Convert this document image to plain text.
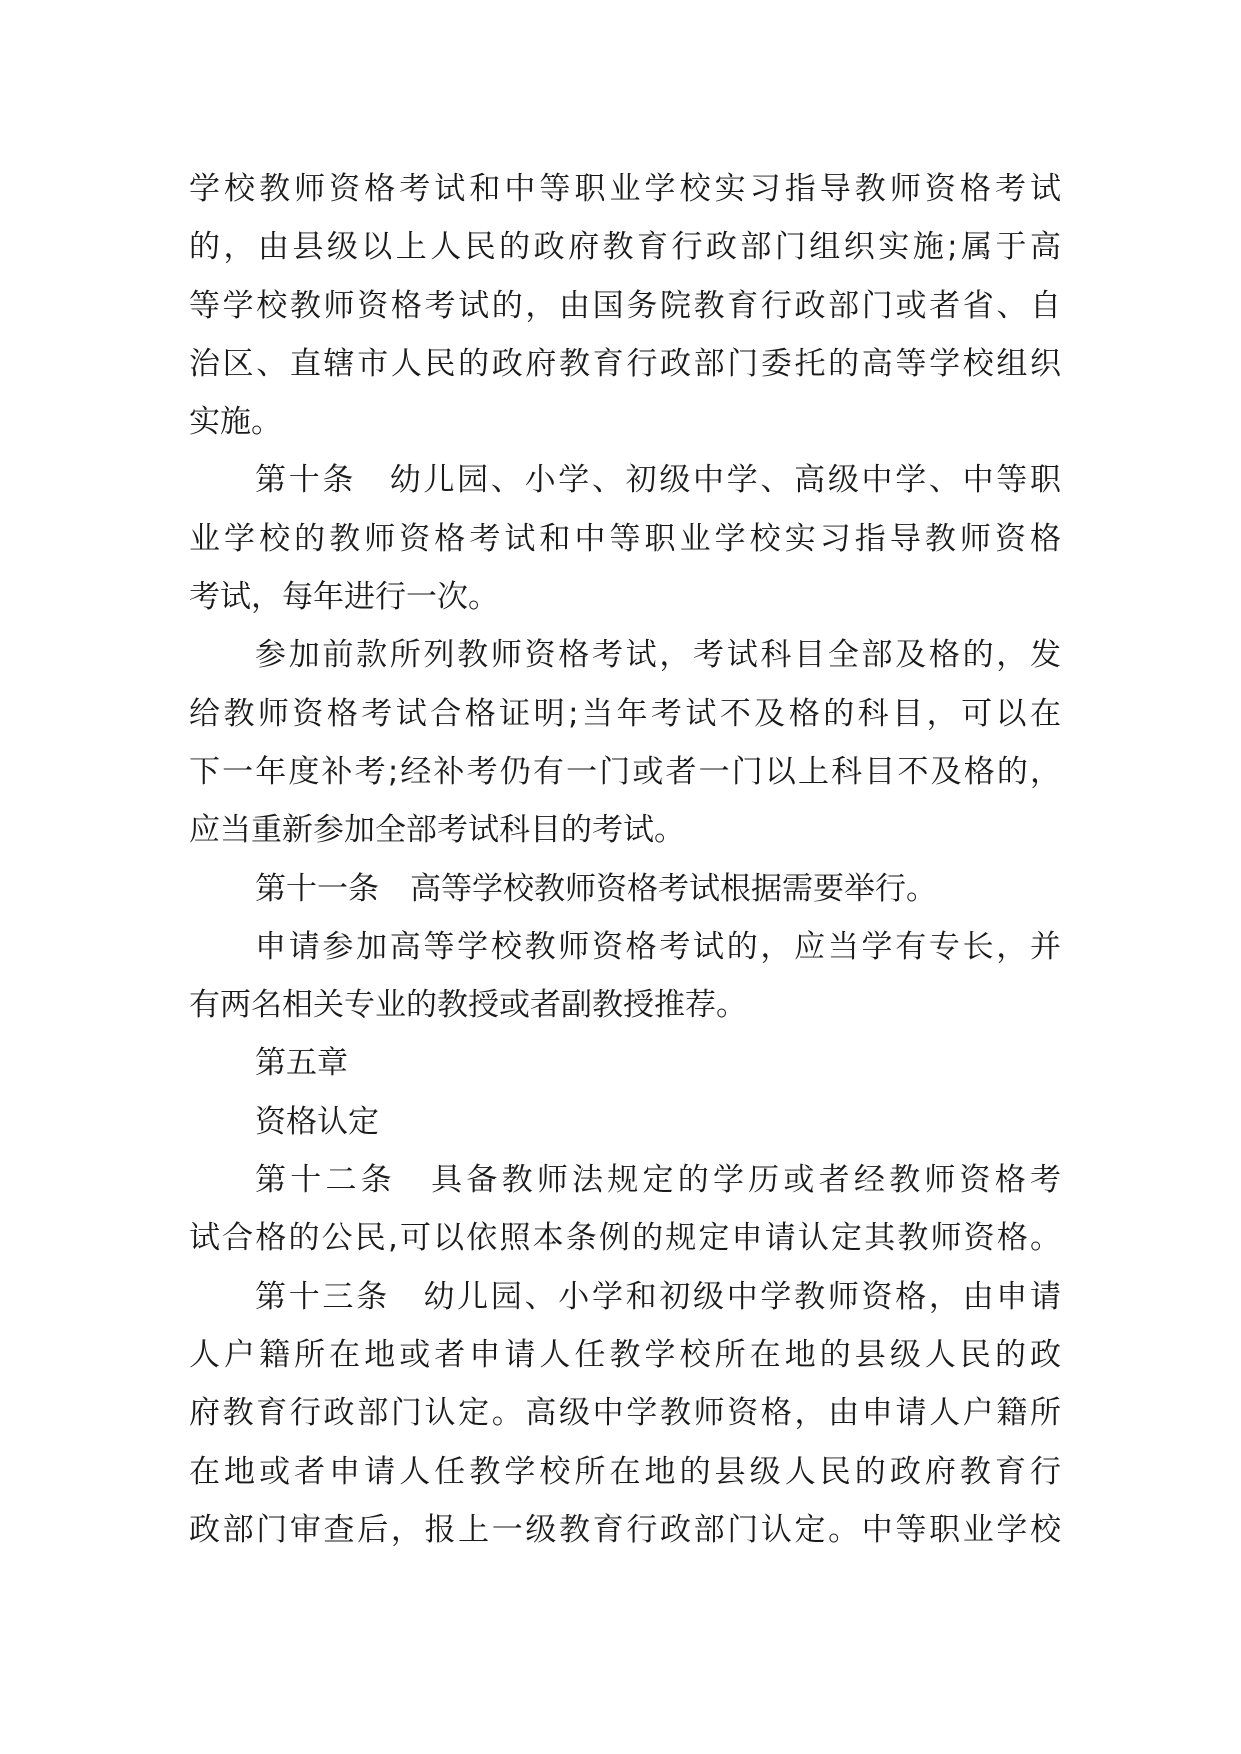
学校教师资格考试和中等职业学校实习指导教师资格考试
的，由县级以上人民的政府教育行政部门组织实施;属于高
等学校教师资格考试的，由国务院教育行政部门或者省、自
治区、直辖市人民的政府教育行政部门委托的高等学校组织
实施。
第十条　幼儿园、小学、初级中学、高级中学、中等职
业学校的教师资格考试和中等职业学校实习指导教师资格
考试，每年进行一次。
参加前款所列教师资格考试，考试科目全部及格的，发
给教师资格考试合格证明;当年考试不及格的科目，可以在
下一年度补考;经补考仍有一门或者一门以上科目不及格的，
应当重新参加全部考试科目的考试。
第十一条　高等学校教师资格考试根据需要举行。
申请参加高等学校教师资格考试的，应当学有专长，并
有两名相关专业的教授或者副教授推荐。
第五章
资格认定
第十二条　具备教师法规定的学历或者经教师资格考
试合格的公民,可以依照本条例的规定申请认定其教师资格。
第十三条　幼儿园、小学和初级中学教师资格，由申请
人户籍所在地或者申请人任教学校所在地的县级人民的政
府教育行政部门认定。高级中学教师资格，由申请人户籍所
在地或者申请人任教学校所在地的县级人民的政府教育行
政部门审查后，报上一级教育行政部门认定。中等职业学校
